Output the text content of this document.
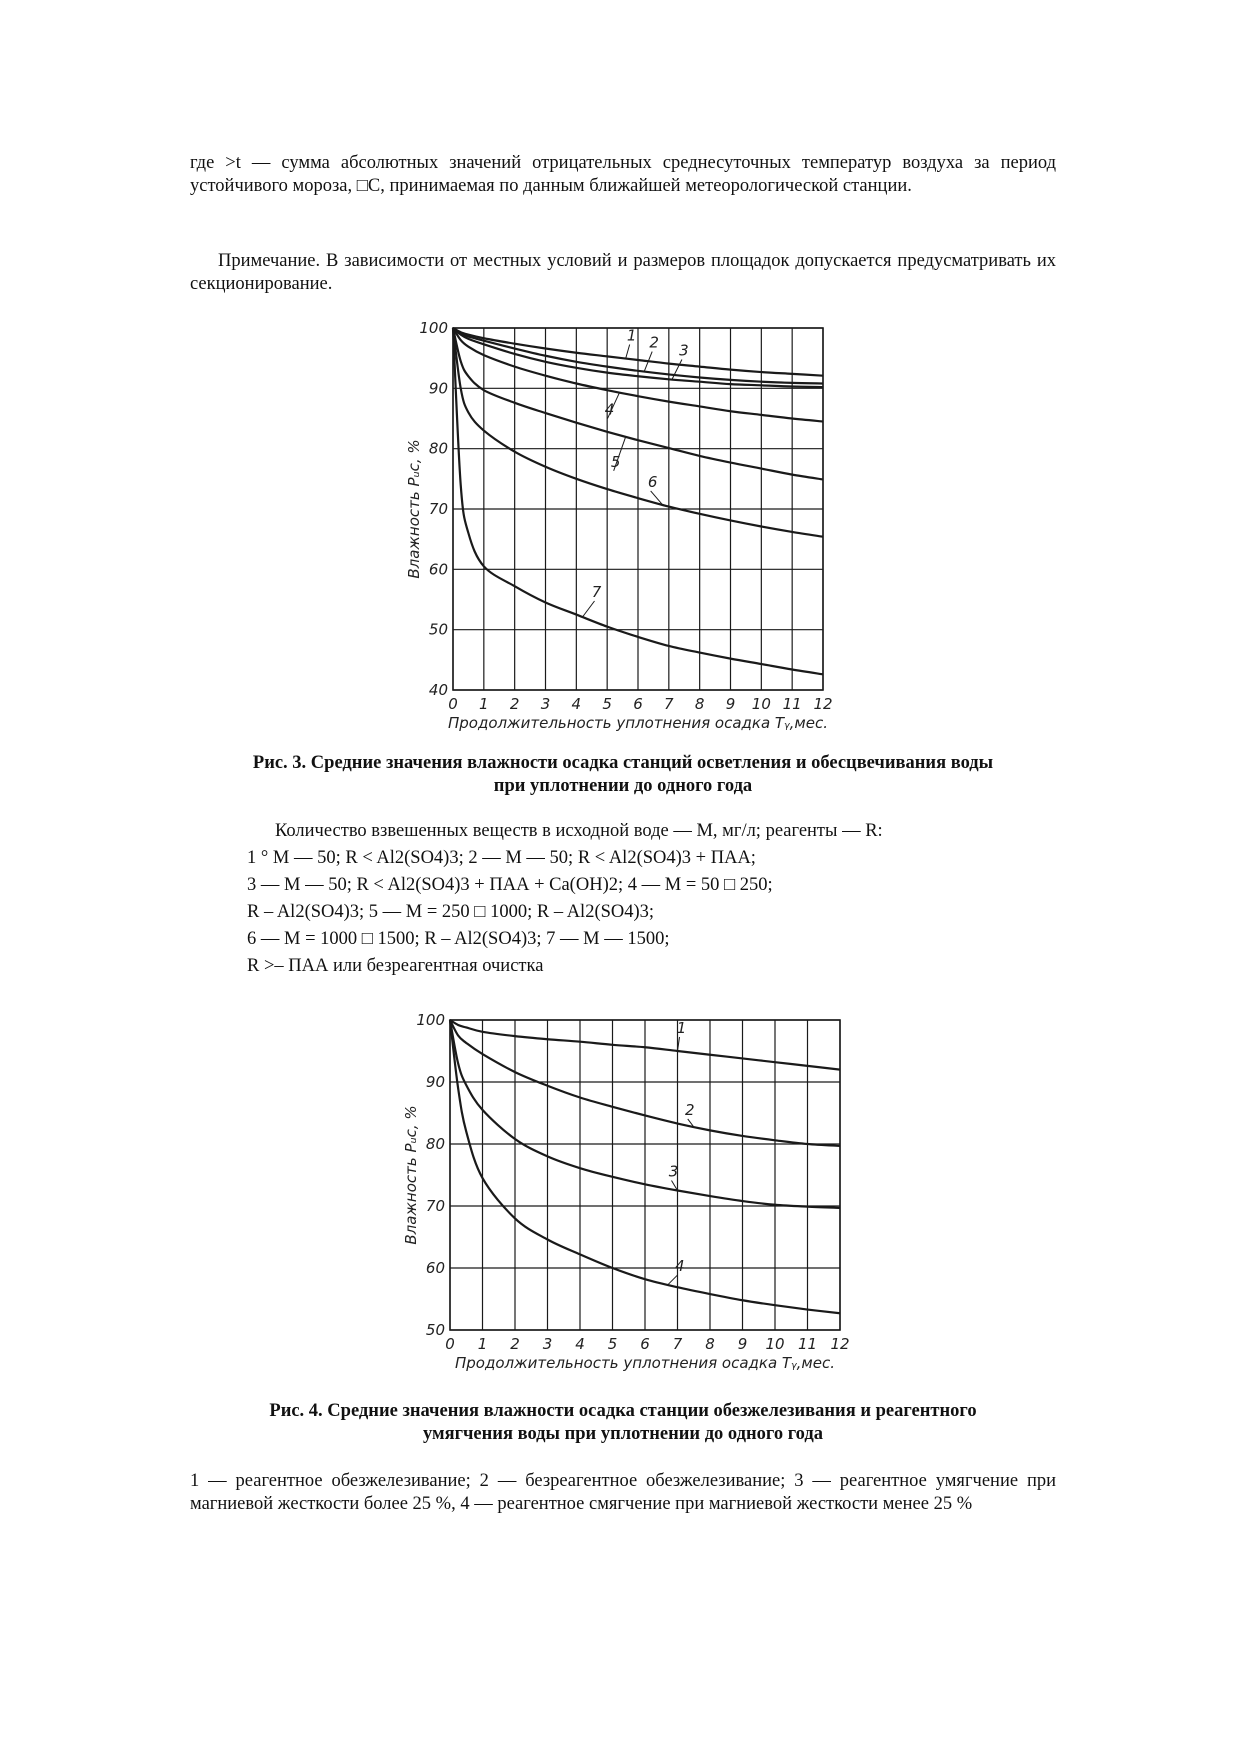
где >t — сумма абсолютных значений отрицательных среднесуточных температур воздуха за период устойчивого мороза, □С, принимаемая по данным ближайшей метеорологической станции.

Примечание. В зависимости от местных условий и размеров площадок допускается предусматривать их секционирование.

0 1 2 3 4 5 6 7 8 9 10 11 12
40
50
60
70
80
90
100
Продолжительность уплотнения осадка Tᵧ,мес.
Влажность Pᵤc, %
1 2 3
4
5
6
7

Рис. 3. Средние значения влажности осадка станций осветления и обесцвечивания воды
при уплотнении до одного года

Количество взвешенных веществ в исходной воде — M, мг/л; реагенты — R:
1 ° M — 50; R < Al2(SO4)3; 2 — M — 50; R < Al2(SO4)3 + ПАА;
3 — M — 50; R < Al2(SO4)3 + ПАА + Ca(OH)2; 4 — M = 50 □ 250;
R – Al2(SO4)3; 5 — M = 250 □ 1000; R – Al2(SO4)3;
6 — M = 1000 □ 1500; R – Al2(SO4)3; 7 — M — 1500;
R >– ПАА или безреагентная очистка
0 1 2 3 4 5 6 7 8 9 10 11 12
50
60
70
80
90
100
Продолжительность уплотнения осадка Tᵧ,мес.
Влажность Pᵤc, %
1
2
3
4

Рис. 4. Средние значения влажности осадка станции обезжелезивания и реагентного
умягчения воды при уплотнении до одного года

1 — реагентное обезжелезивание; 2 — безреагентное обезжелезивание; 3 — реагентное умягчение при магниевой жесткости более 25 %, 4 — реагентное смягчение при магниевой жесткости менее 25 %
